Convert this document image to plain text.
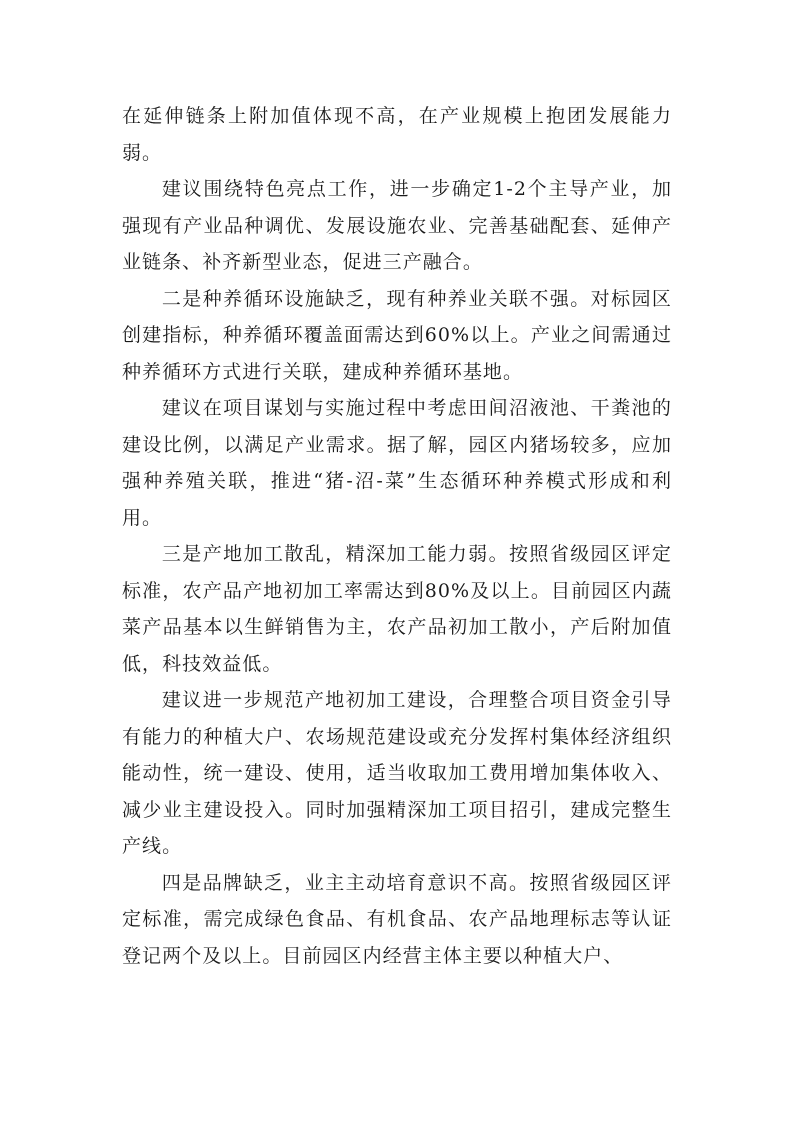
在延伸链条上附加值体现不高，在产业规模上抱团发展能力弱。

建议围绕特色亮点工作，进一步确定1-2个主导产业，加强现有产业品种调优、发展设施农业、完善基础配套、延伸产业链条、补齐新型业态，促进三产融合。

二是种养循环设施缺乏，现有种养业关联不强。对标园区创建指标，种养循环覆盖面需达到60%以上。产业之间需通过种养循环方式进行关联，建成种养循环基地。

建议在项目谋划与实施过程中考虑田间沼液池、干粪池的建设比例，以满足产业需求。据了解，园区内猪场较多，应加强种养殖关联，推进“猪-沼-菜”生态循环种养模式形成和利用。

三是产地加工散乱，精深加工能力弱。按照省级园区评定标准，农产品产地初加工率需达到80%及以上。目前园区内蔬菜产品基本以生鲜销售为主，农产品初加工散小，产后附加值低，科技效益低。

建议进一步规范产地初加工建设，合理整合项目资金引导有能力的种植大户、农场规范建设或充分发挥村集体经济组织能动性，统一建设、使用，适当收取加工费用增加集体收入、减少业主建设投入。同时加强精深加工项目招引，建成完整生产线。

四是品牌缺乏，业主主动培育意识不高。按照省级园区评定标准，需完成绿色食品、有机食品、农产品地理标志等认证登记两个及以上。目前园区内经营主体主要以种植大户、
